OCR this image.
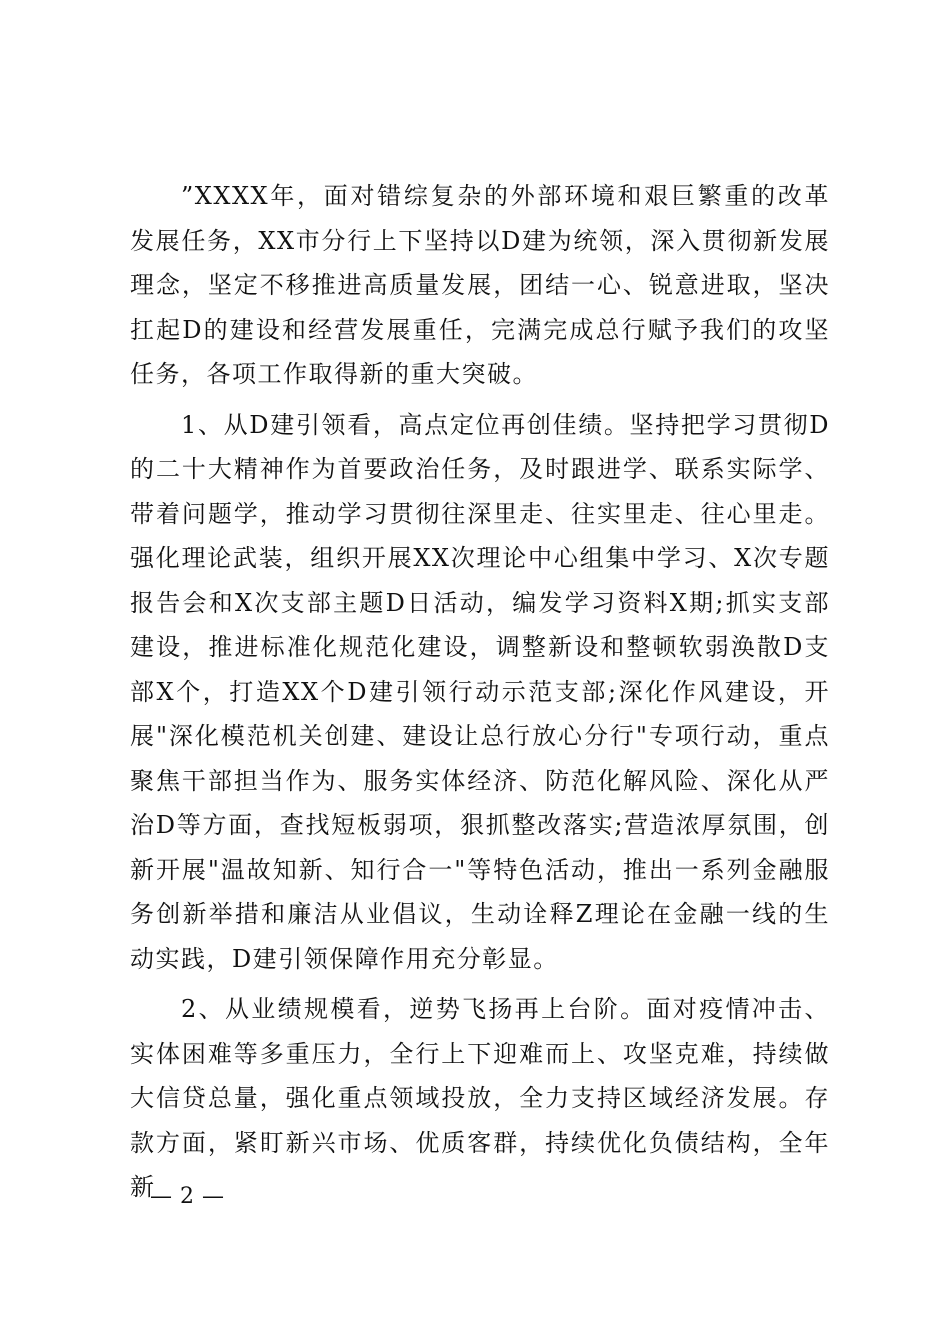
”XXXX年，面对错综复杂的外部环境和艰巨繁重的改革发展任务，XX市分行上下坚持以D建为统领，深入贯彻新发展理念，坚定不移推进高质量发展，团结一心、锐意进取，坚决扛起D的建设和经营发展重任，完满完成总行赋予我们的攻坚任务，各项工作取得新的重大突破。

1、从D建引领看，高点定位再创佳绩。坚持把学习贯彻D的二十大精神作为首要政治任务，及时跟进学、联系实际学、带着问题学，推动学习贯彻往深里走、往实里走、往心里走。强化理论武装，组织开展XX次理论中心组集中学习、X次专题报告会和X次支部主题D日活动，编发学习资料X期;抓实支部建设，推进标准化规范化建设，调整新设和整顿软弱涣散D支部X个，打造XX个D建引领行动示范支部;深化作风建设，开展"深化模范机关创建、建设让总行放心分行"专项行动，重点聚焦干部担当作为、服务实体经济、防范化解风险、深化从严治D等方面，查找短板弱项，狠抓整改落实;营造浓厚氛围，创新开展"温故知新、知行合一"等特色活动，推出一系列金融服务创新举措和廉洁从业倡议，生动诠释Z理论在金融一线的生动实践，D建引领保障作用充分彰显。

2、从业绩规模看，逆势飞扬再上台阶。面对疫情冲击、实体困难等多重压力，全行上下迎难而上、攻坚克难，持续做大信贷总量，强化重点领域投放，全力支持区域经济发展。存款方面，紧盯新兴市场、优质客群，持续优化负债结构，全年新

— 2 —
